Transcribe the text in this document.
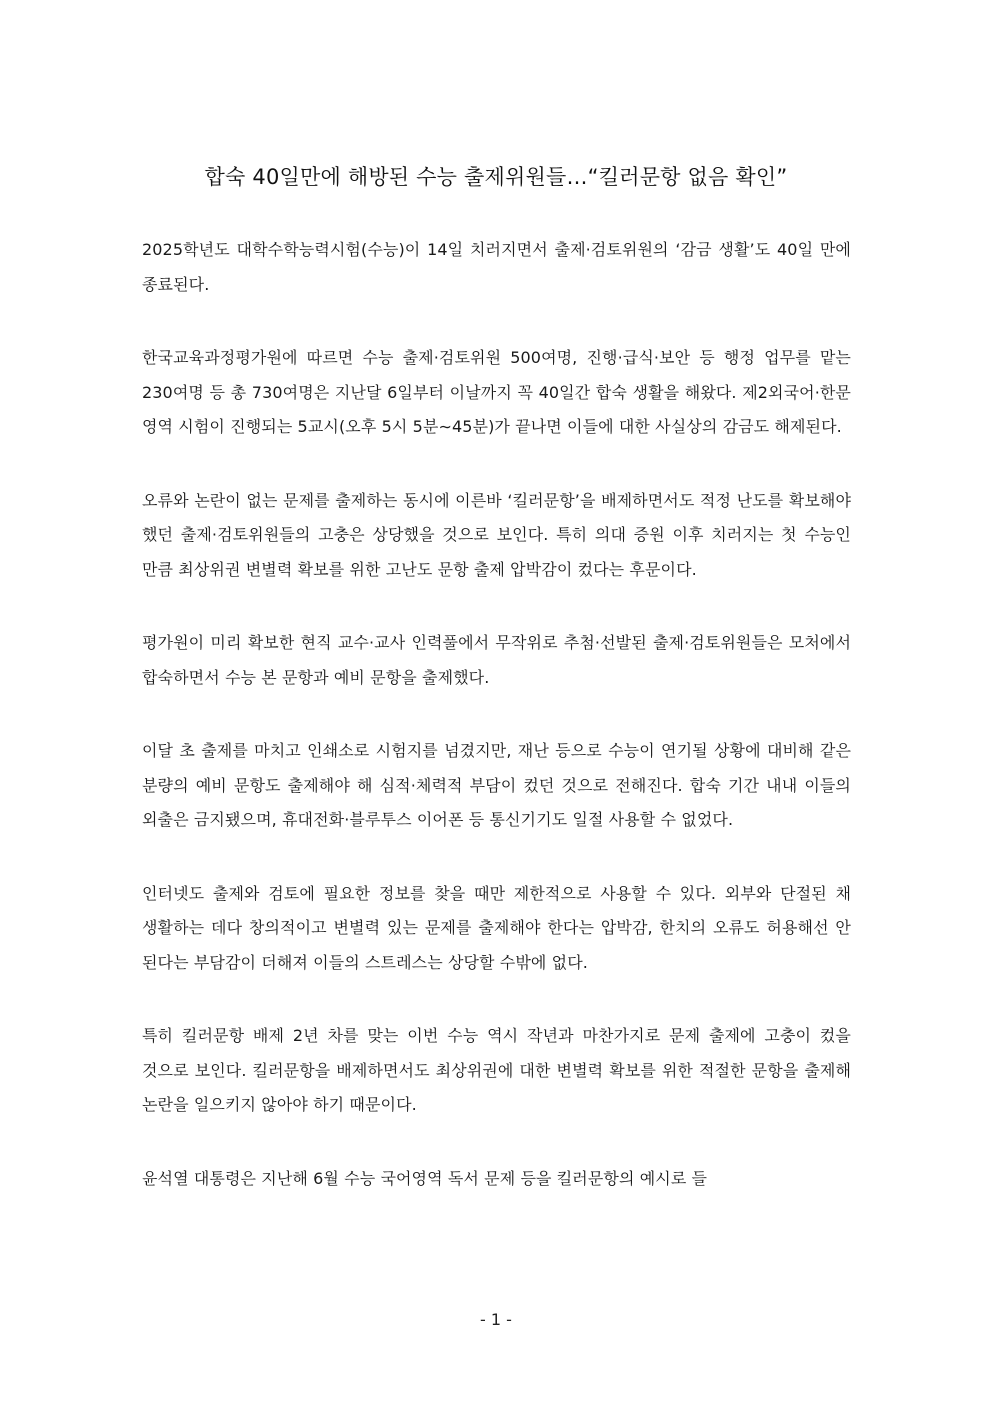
합숙 40일만에 해방된 수능 출제위원들…“킬러문항 없음 확인”

2025학년도 대학수학능력시험(수능)이 14일 치러지면서 출제·검토위원의 ‘감금 생활’도 40일 만에 종료된다.

한국교육과정평가원에 따르면 수능 출제·검토위원 500여명, 진행·급식·보안 등 행정 업무를 맡는 230여명 등 총 730여명은 지난달 6일부터 이날까지 꼭 40일간 합숙 생활을 해왔다. 제2외국어·한문 영역 시험이 진행되는 5교시(오후 5시 5분∼45분)가 끝나면 이들에 대한 사실상의 감금도 해제된다.

오류와 논란이 없는 문제를 출제하는 동시에 이른바 ‘킬러문항’을 배제하면서도 적정 난도를 확보해야 했던 출제·검토위원들의 고충은 상당했을 것으로 보인다. 특히 의대 증원 이후 치러지는 첫 수능인 만큼 최상위권 변별력 확보를 위한 고난도 문항 출제 압박감이 컸다는 후문이다.

평가원이 미리 확보한 현직 교수·교사 인력풀에서 무작위로 추첨·선발된 출제·검토위원들은 모처에서 합숙하면서 수능 본 문항과 예비 문항을 출제했다.

이달 초 출제를 마치고 인쇄소로 시험지를 넘겼지만, 재난 등으로 수능이 연기될 상황에 대비해 같은 분량의 예비 문항도 출제해야 해 심적·체력적 부담이 컸던 것으로 전해진다. 합숙 기간 내내 이들의 외출은 금지됐으며, 휴대전화·블루투스 이어폰 등 통신기기도 일절 사용할 수 없었다.

인터넷도 출제와 검토에 필요한 정보를 찾을 때만 제한적으로 사용할 수 있다. 외부와 단절된 채 생활하는 데다 창의적이고 변별력 있는 문제를 출제해야 한다는 압박감, 한치의 오류도 허용해선 안 된다는 부담감이 더해져 이들의 스트레스는 상당할 수밖에 없다.

특히 킬러문항 배제 2년 차를 맞는 이번 수능 역시 작년과 마찬가지로 문제 출제에 고충이 컸을 것으로 보인다. 킬러문항을 배제하면서도 최상위권에 대한 변별력 확보를 위한 적절한 문항을 출제해 논란을 일으키지 않아야 하기 때문이다.

윤석열 대통령은 지난해 6월 수능 국어영역 독서 문제 등을 킬러문항의 예시로 들

- 1 -
